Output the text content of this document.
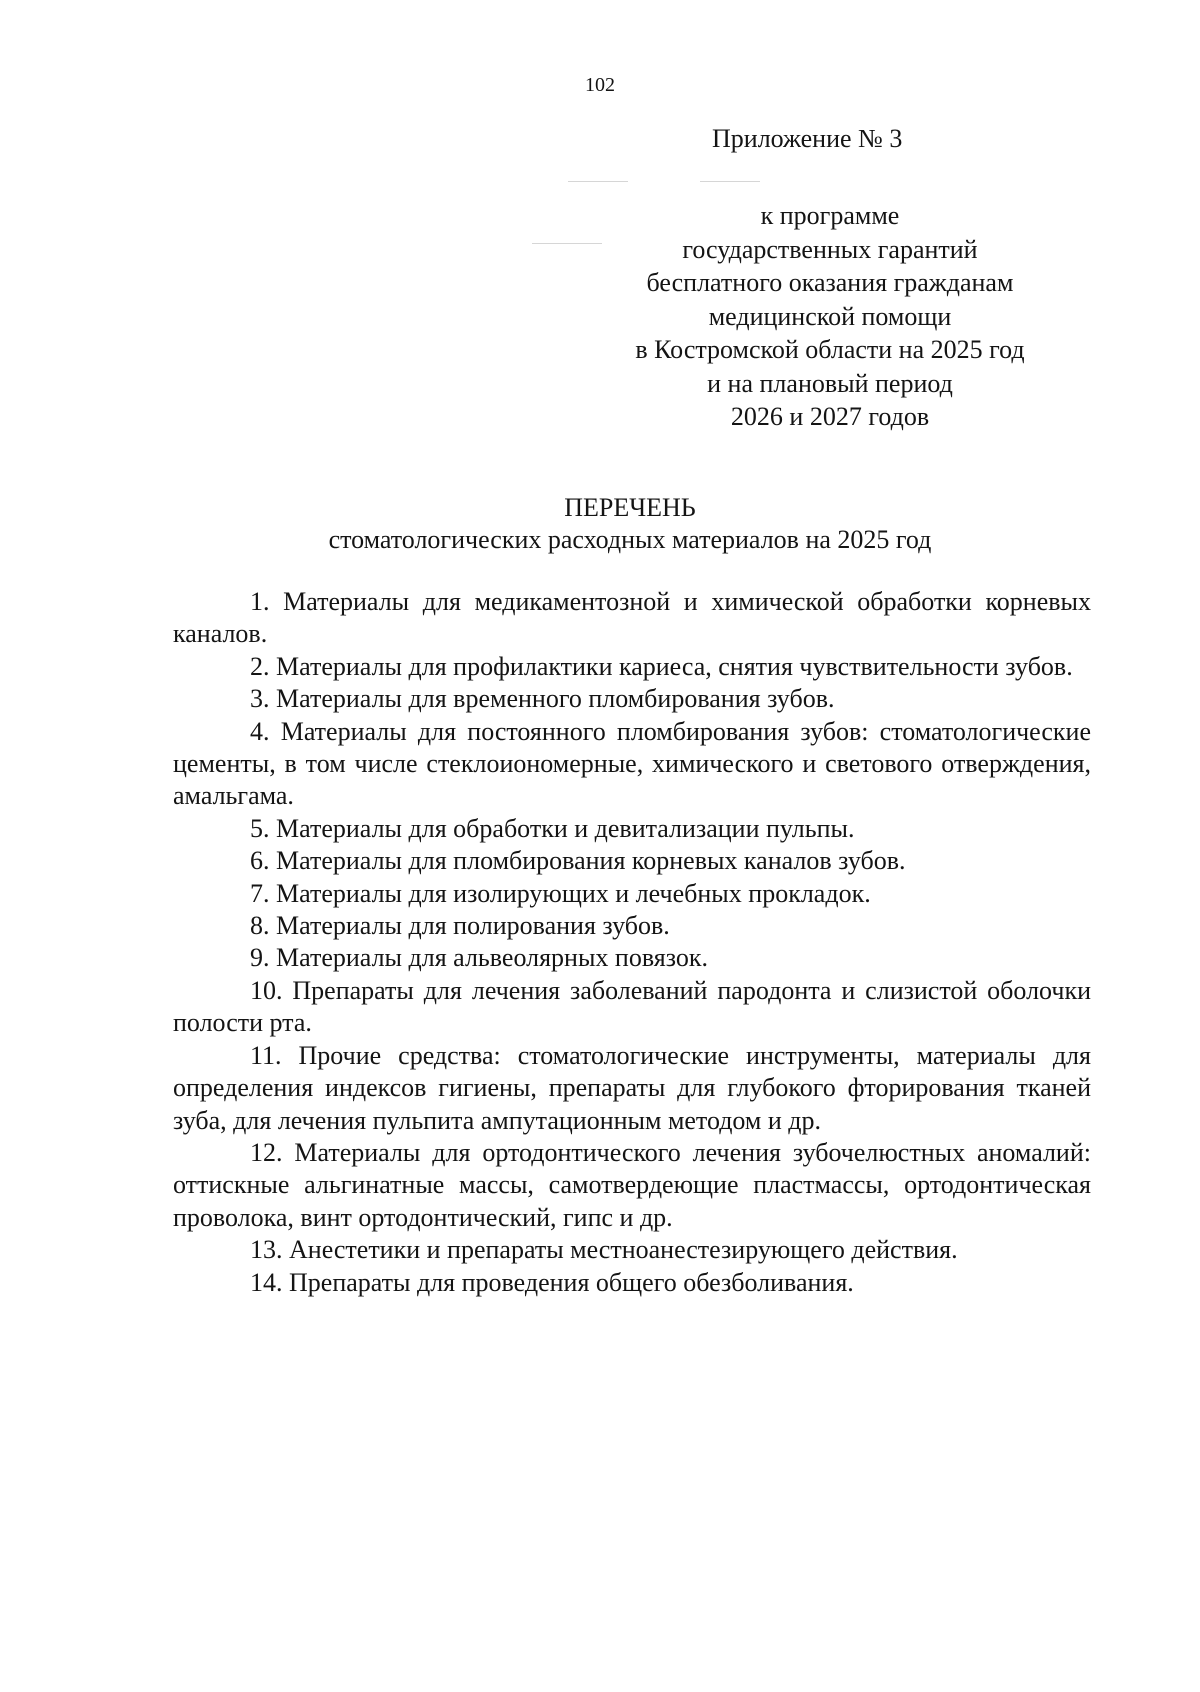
102
Приложение № 3
к программе
государственных гарантий
бесплатного оказания гражданам
медицинской помощи
в Костромской области на 2025 год
и на плановый период
2026 и 2027 годов
ПЕРЕЧЕНЬ
стоматологических расходных материалов на 2025 год

1. Материалы для медикаментозной и химической обработки корневых каналов.

2. Материалы для профилактики кариеса, снятия чувствительности зубов.

3. Материалы для временного пломбирования зубов.

4. Материалы для постоянного пломбирования зубов: стоматологические цементы, в том числе стеклоиономерные, химического и светового отверждения, амальгама.

5. Материалы для обработки и девитализации пульпы.

6. Материалы для пломбирования корневых каналов зубов.

7. Материалы для изолирующих и лечебных прокладок.

8. Материалы для полирования зубов.

9. Материалы для альвеолярных повязок.

10. Препараты для лечения заболеваний пародонта и слизистой оболочки полости рта.

11. Прочие средства: стоматологические инструменты, материалы для определения индексов гигиены, препараты для глубокого фторирования тканей зуба, для лечения пульпита ампутационным методом и др.

12. Материалы для ортодонтического лечения зубочелюстных аномалий: оттискные альгинатные массы, самотвердеющие пластмассы, ортодонтическая проволока, винт ортодонтический, гипс и др.

13. Анестетики и препараты местноанестезирующего действия.

14. Препараты для проведения общего обезболивания.
